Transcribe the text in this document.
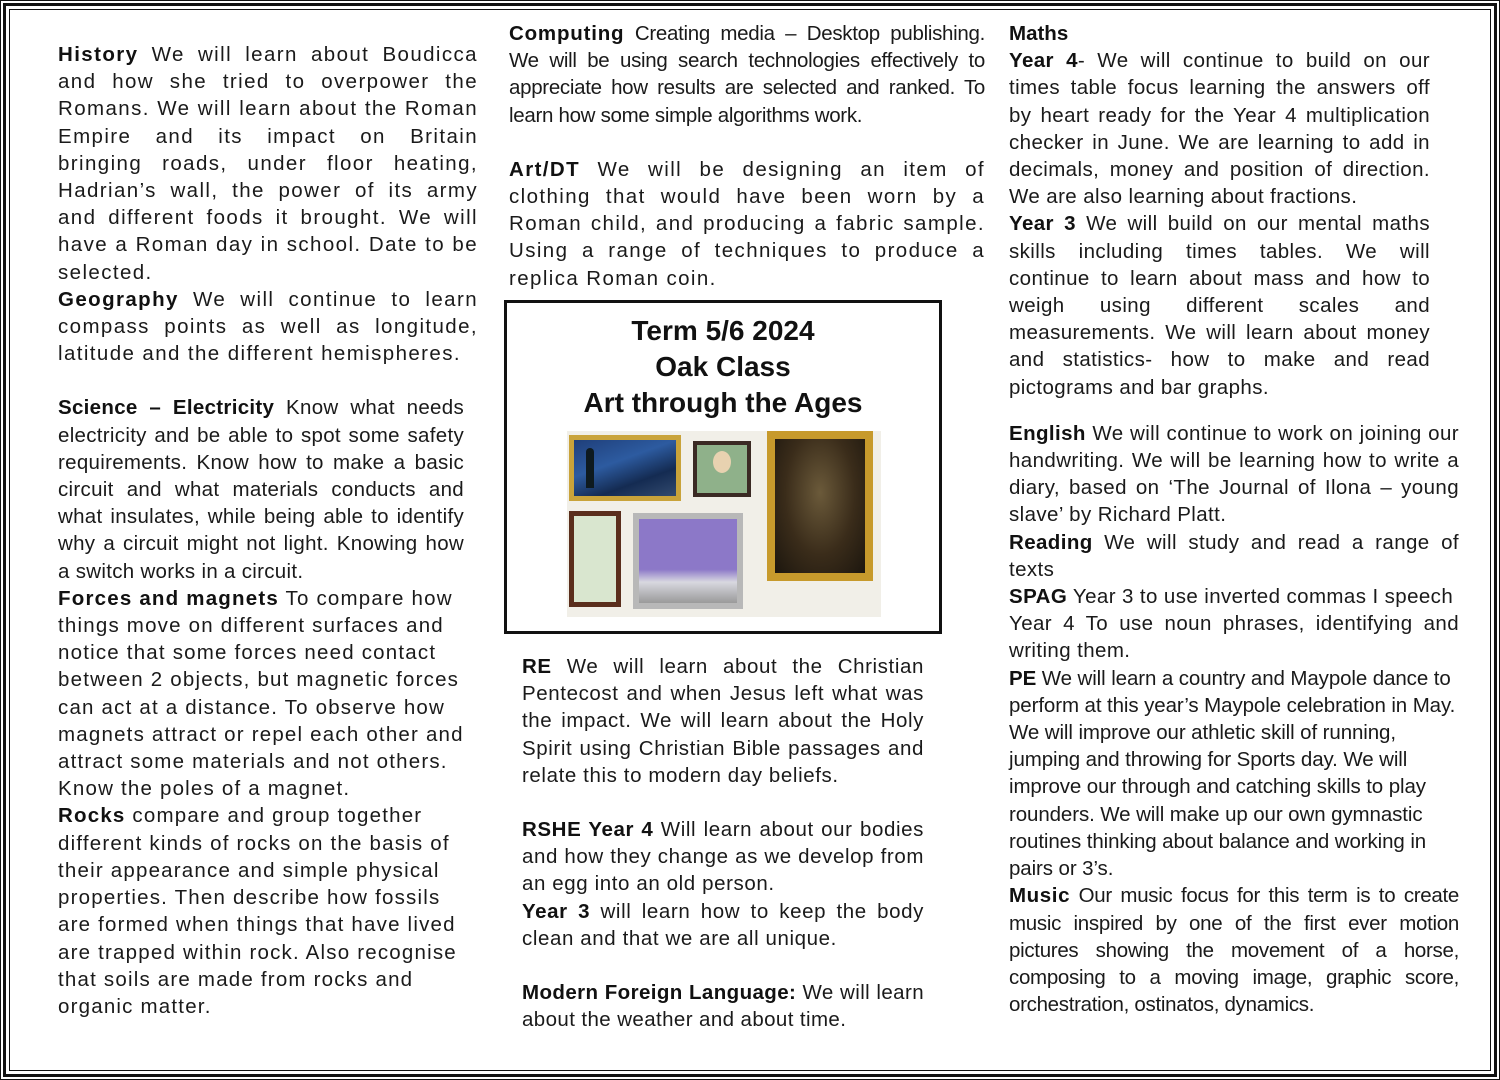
History We will learn about Boudicca and how she tried to overpower the Romans. We will learn about the Roman Empire and its impact on Britain bringing roads, under floor heating, Hadrian’s wall, the power of its army and different foods it brought. We will have a Roman day in school. Date to be selected.

Geography We will continue to learn compass points as well as longitude, latitude and the different hemispheres.

Science – Electricity Know what needs electricity and be able to spot some safety requirements. Know how to make a basic circuit and what materials conducts and what insulates, while being able to identify why a circuit might not light. Knowing how a switch works in a circuit.

Forces and magnets To compare how things move on different surfaces and notice that some forces need contact between 2 objects, but magnetic forces can act at a distance. To observe how magnets attract or repel each other and attract some materials and not others. Know the poles of a magnet.

Rocks compare and group together different kinds of rocks on the basis of their appearance and simple physical properties. Then describe how fossils are formed when things that have lived are trapped within rock. Also recognise that soils are made from rocks and organic matter.

Computing Creating media – Desktop publishing. We will be using search technologies effectively to appreciate how results are selected and ranked. To learn how some simple algorithms work.

Art/DT We will be designing an item of clothing that would have been worn by a Roman child, and producing a fabric sample. Using a range of techniques to produce a replica Roman coin.

Term 5/6 2024
Oak Class
Art through the Ages

RE We will learn about the Christian Pentecost and when Jesus left what was the impact. We will learn about the Holy Spirit using Christian Bible passages and relate this to modern day beliefs.

RSHE Year 4 Will learn about our bodies and how they change as we develop from an egg into an old person.

Year 3 will learn how to keep the body clean and that we are all unique.

Modern Foreign Language: We will learn about the weather and about time.

Maths

Year 4- We will continue to build on our times table focus learning the answers off by heart ready for the Year 4 multiplication checker in June. We are learning to add in decimals, money and position of direction. We are also learning about fractions.

Year 3 We will build on our mental maths skills including times tables. We will continue to learn about mass and how to weigh using different scales and measurements. We will learn about money and statistics- how to make and read pictograms and bar graphs.

English We will continue to work on joining our handwriting. We will be learning how to write a diary, based on ‘The Journal of Ilona – young slave’ by Richard Platt.

Reading We will study and read a range of texts

SPAG Year 3 to use inverted commas I speech

Year 4 To use noun phrases, identifying and writing them.

PE We will learn a country and Maypole dance to perform at this year’s Maypole celebration in May. We will improve our athletic skill of running, jumping and throwing for Sports day. We will improve our through and catching skills to play rounders. We will make up our own gymnastic routines thinking about balance and working in pairs or 3’s.

Music Our music focus for this term is to create music inspired by one of the first ever motion pictures showing the movement of a horse, composing to a moving image, graphic score, orchestration, ostinatos, dynamics.
